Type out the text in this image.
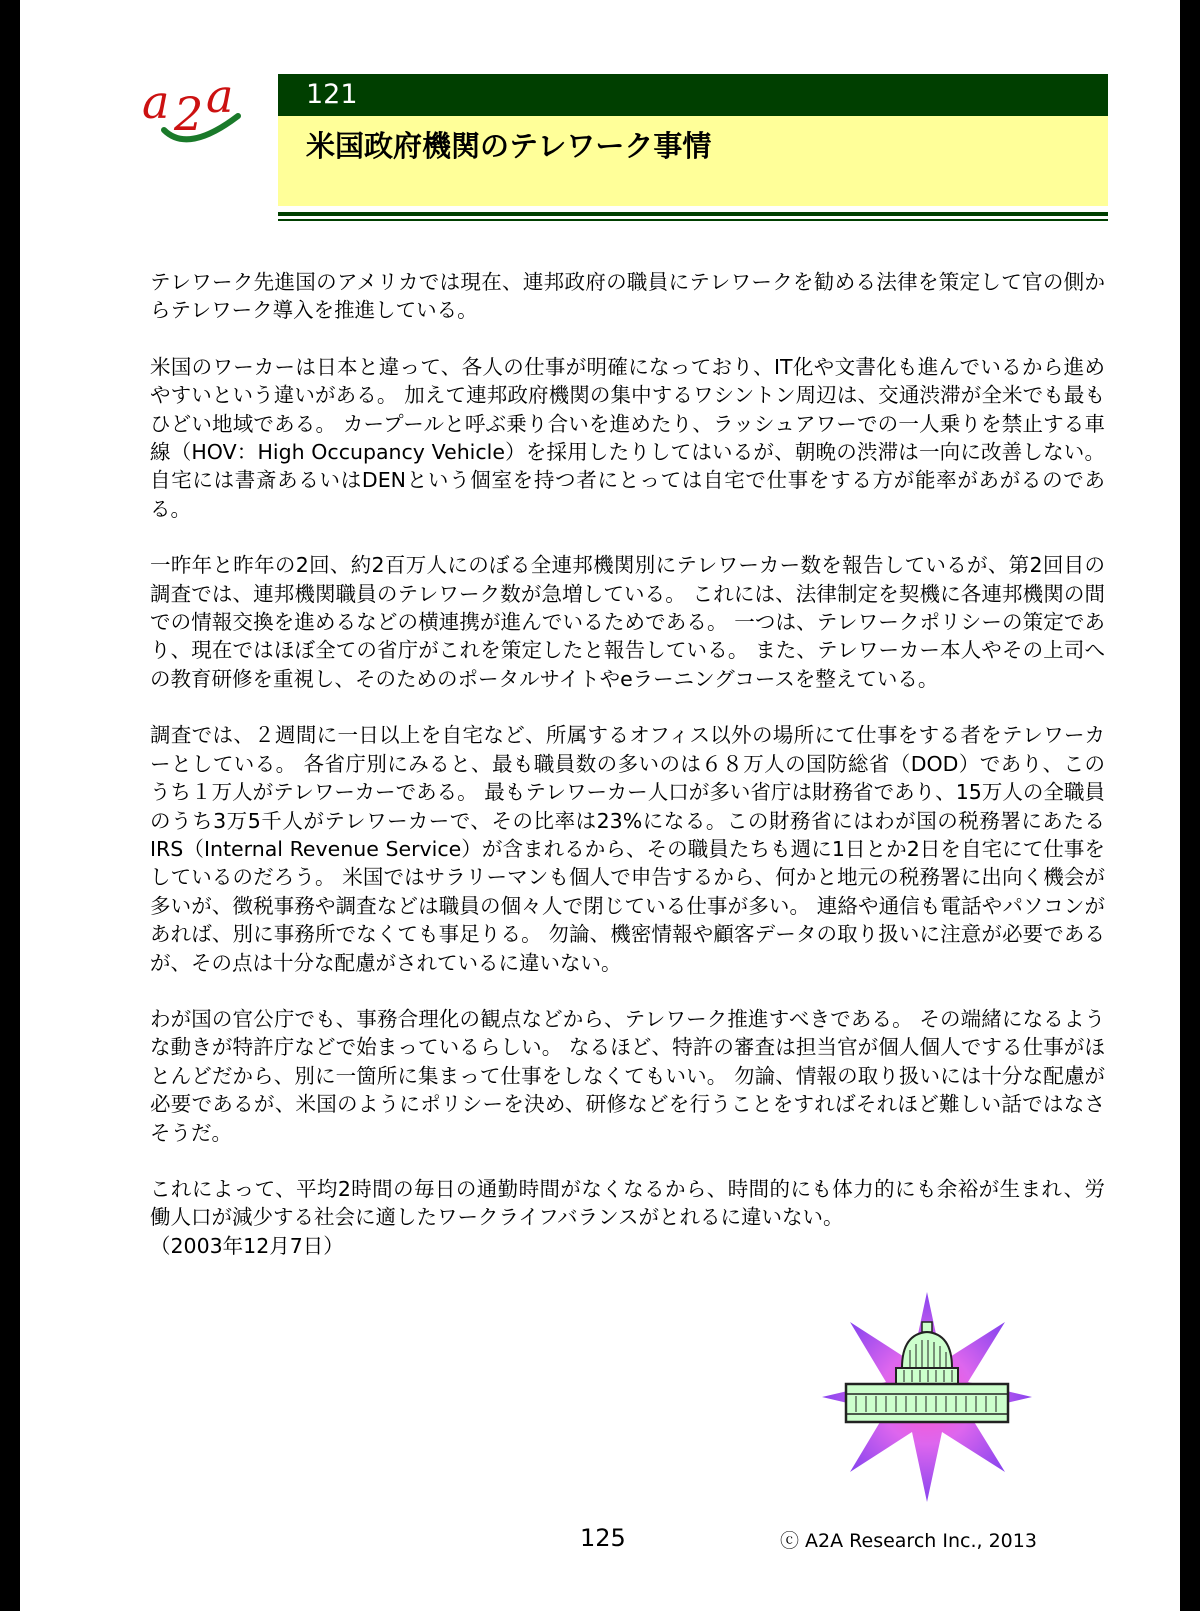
a 2 a	121
米国政府機関のテレワーク事情

テレワーク先進国のアメリカでは現在、連邦政府の職員にテレワークを勧める法律を策定して官の側からテレワーク導入を推進している。

米国のワーカーは日本と違って、各人の仕事が明確になっており、IT化や文書化も進んでいるから進めやすいという違いがある。 加えて連邦政府機関の集中するワシントン周辺は、交通渋滞が全米でも最もひどい地域である。 カープールと呼ぶ乗り合いを進めたり、ラッシュアワーでの一人乗りを禁止する車線（HOV：High Occupancy Vehicle）を採用したりしてはいるが、朝晩の渋滞は一向に改善しない。 自宅には書斎あるいはDENという個室を持つ者にとっては自宅で仕事をする方が能率があがるのである。

一昨年と昨年の2回、約2百万人にのぼる全連邦機関別にテレワーカー数を報告しているが、第2回目の調査では、連邦機関職員のテレワーク数が急増している。 これには、法律制定を契機に各連邦機関の間での情報交換を進めるなどの横連携が進んでいるためである。 一つは、テレワークポリシーの策定であり、現在ではほぼ全ての省庁がこれを策定したと報告している。 また、テレワーカー本人やその上司への教育研修を重視し、そのためのポータルサイトやeラーニングコースを整えている。

調査では、２週間に一日以上を自宅など、所属するオフィス以外の場所にて仕事をする者をテレワーカーとしている。 各省庁別にみると、最も職員数の多いのは６８万人の国防総省（DOD）であり、このうち１万人がテレワーカーである。 最もテレワーカー人口が多い省庁は財務省であり、15万人の全職員のうち3万5千人がテレワーカーで、その比率は23%になる。この財務省にはわが国の税務署にあたるIRS（Internal Revenue Service）が含まれるから、その職員たちも週に1日とか2日を自宅にて仕事をしているのだろう。 米国ではサラリーマンも個人で申告するから、何かと地元の税務署に出向く機会が多いが、徴税事務や調査などは職員の個々人で閉じている仕事が多い。 連絡や通信も電話やパソコンがあれば、別に事務所でなくても事足りる。 勿論、機密情報や顧客データの取り扱いに注意が必要であるが、その点は十分な配慮がされているに違いない。

わが国の官公庁でも、事務合理化の観点などから、テレワーク推進すべきである。 その端緒になるような動きが特許庁などで始まっているらしい。 なるほど、特許の審査は担当官が個人個人でする仕事がほとんどだから、別に一箇所に集まって仕事をしなくてもいい。 勿論、情報の取り扱いには十分な配慮が必要であるが、米国のようにポリシーを決め、研修などを行うことをすればそれほど難しい話ではなさそうだ。

これによって、平均2時間の毎日の通勤時間がなくなるから、時間的にも体力的にも余裕が生まれ、労働人口が減少する社会に適したワークライフバランスがとれるに違いない。
（2003年12月7日）

125	ⓒ A2A Research Inc., 2013
